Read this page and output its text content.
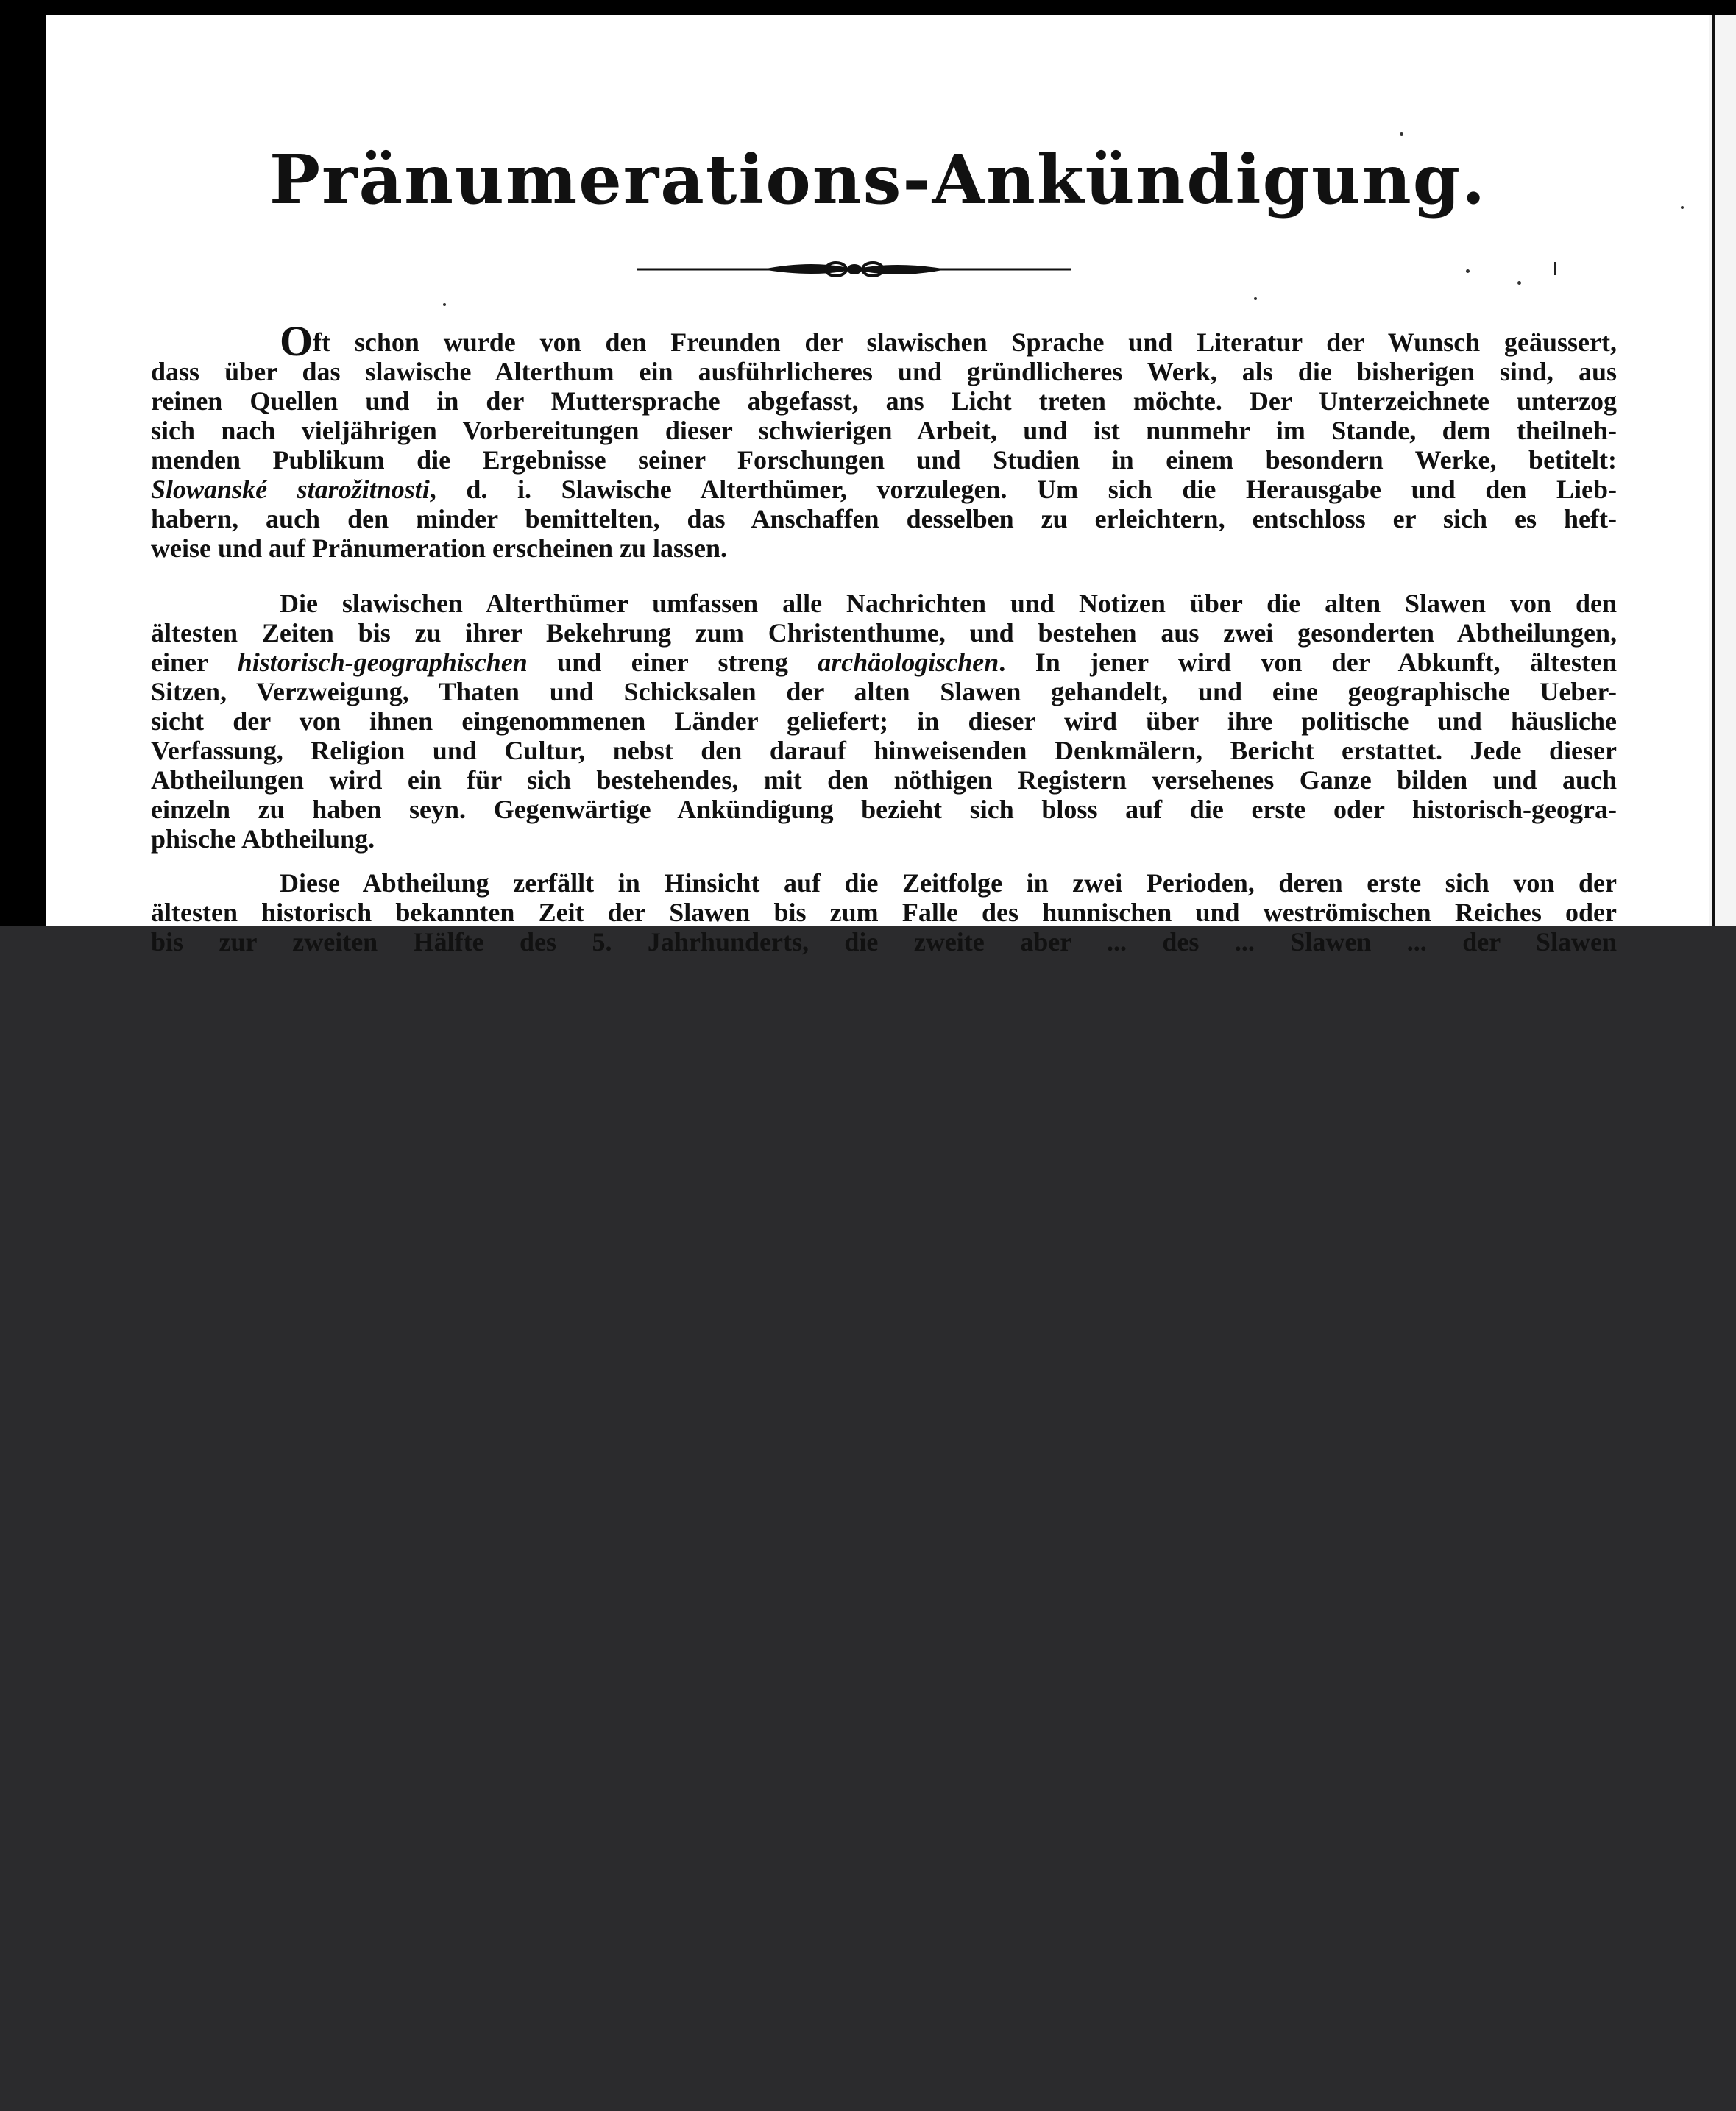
Pränumerations-Ankündigung.
Oft schon wurde von den Freunden der slawischen Sprache und Literatur der Wunsch geäussert,
dass über das slawische Alterthum ein ausführlicheres und gründlicheres Werk, als die bisherigen sind, aus
reinen Quellen und in der Muttersprache abgefasst, ans Licht treten möchte. Der Unterzeichnete unterzog
sich nach vieljährigen Vorbereitungen dieser schwierigen Arbeit, und ist nunmehr im Stande, dem theilneh-
menden Publikum die Ergebnisse seiner Forschungen und Studien in einem besondern Werke, betitelt:
Slowanské starožitnosti, d. i. Slawische Alterthümer, vorzulegen. Um sich die Herausgabe und den Lieb-
habern, auch den minder bemittelten, das Anschaffen desselben zu erleichtern, entschloss er sich es heft-
weise und auf Pränumeration erscheinen zu lassen.
Die slawischen Alterthümer umfassen alle Nachrichten und Notizen über die alten Slawen von den
ältesten Zeiten bis zu ihrer Bekehrung zum Christenthume, und bestehen aus zwei gesonderten Abtheilungen,
einer historisch-geographischen und einer streng archäologischen. In jener wird von der Abkunft, ältesten
Sitzen, Verzweigung, Thaten und Schicksalen der alten Slawen gehandelt, und eine geographische Ueber-
sicht der von ihnen eingenommenen Länder geliefert; in dieser wird über ihre politische und häusliche
Verfassung, Religion und Cultur, nebst den darauf hinweisenden Denkmälern, Bericht erstattet. Jede dieser
Abtheilungen wird ein für sich bestehendes, mit den nöthigen Registern versehenes Ganze bilden und auch
einzeln zu haben seyn. Gegenwärtige Ankündigung bezieht sich bloss auf die erste oder historisch-geogra-
phische Abtheilung.
Diese Abtheilung zerfällt in Hinsicht auf die Zeitfolge in zwei Perioden, deren erste sich von der
ältesten historisch bekannten Zeit der Slawen bis zum Falle des hunnischen und weströmischen Reiches oder
bis zur zweiten Hälfte des 5. Jahrhunderts, die zweite aber ... des ... Slawen ... der Slawen
